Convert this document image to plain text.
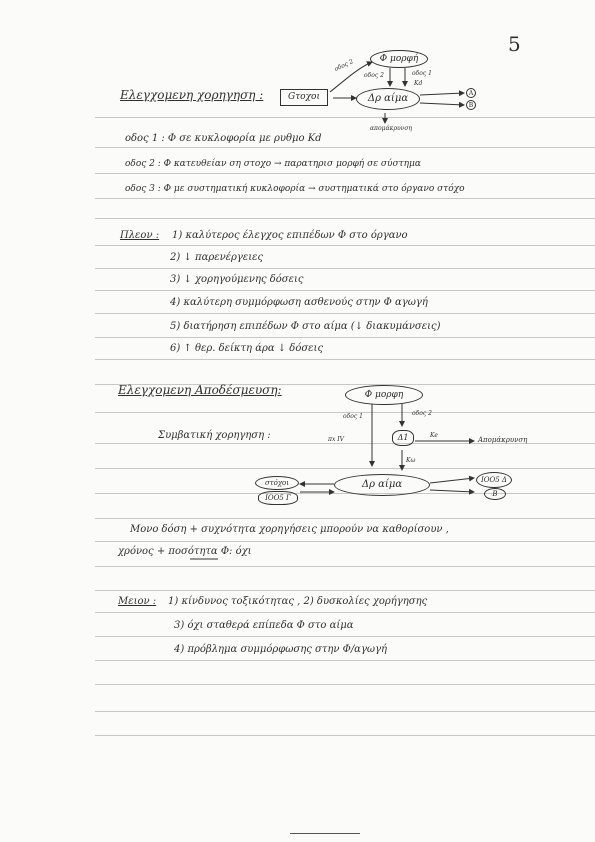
5
Ελεγχομενη χορηγηση :	Gτoχoι
Φ μορφή
Δρ αίμα
οδος 2
οδος 2	οδος 1
Kd
απομάκρυνση
A
B
οδος 1 : Φ σε κυκλοφορία με ρυθμο Kd
οδος 2 : Φ κατευθείαν ση στοχο → παρατηρισ μορφή σε σύστημα
οδος 3 : Φ με συστηματική κυκλοφορία → συστηματικά στο όργανο στόχο
Πλεον : 1) καλύτερος έλεγχος επιπέδων Φ στο όργανο
2) ↓ παρενέργειες
3) ↓ χορηγούμενης δόσεις
4) καλύτερη συμμόρφωση ασθενούς στην Φ αγωγή
5) διατήρηση επιπέδων Φ στο αίμα (↓ διακυμάνσεις)
6) ↑ θερ. δείκτη άρα ↓ δόσεις
Ελεγχομενη Αποδέσμευση:	Φ μορφη
οδος 1	οδος 2
Συμβατική χορηγηση :	πx IV	Δ1	Ke
Απομάκρυνση
Kω
στόχοι
ΙΟΟ5 Γ
Δρ αίμα	ΙΟΟ5 Δ
B
Μονο δόση + συχνότητα χορηγήσεις μπορούν να καθορίσουν ,
χρόνος + ποσότητα Φ: όχι
Μειον : 1) κίνδυνος τοξικότητας , 2) δυσκολίες χορήγησης
3) όχι σταθερά επίπεδα Φ στο αίμα
4) πρόβλημα συμμόρφωσης στην Φ/αγωγή
